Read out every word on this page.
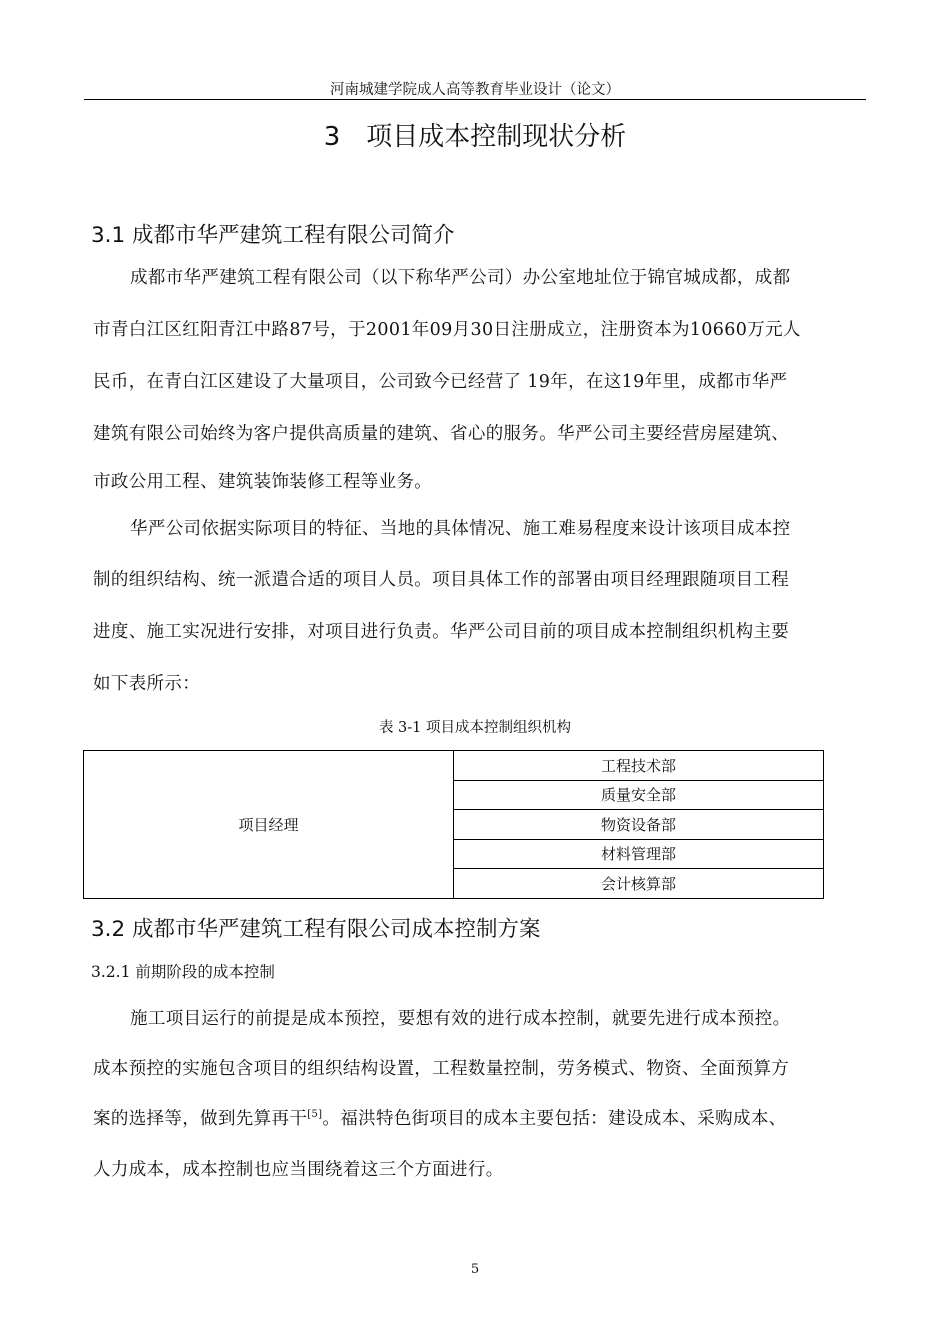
河南城建学院成人高等教育毕业设计（论文）
3　项目成本控制现状分析
3.1 成都市华严建筑工程有限公司简介
成都市华严建筑工程有限公司（以下称华严公司）办公室地址位于锦官城成都，成都
市青白江区红阳青江中路87号，于2001年09月30日注册成立，注册资本为10660万元人
民币，在青白江区建设了大量项目，公司致今已经营了 19年，在这19年里，成都市华严
建筑有限公司始终为客户提供高质量的建筑、省心的服务。华严公司主要经营房屋建筑、
市政公用工程、建筑装饰装修工程等业务。
华严公司依据实际项目的特征、当地的具体情况、施工难易程度来设计该项目成本控
制的组织结构、统一派遣合适的项目人员。项目具体工作的部署由项目经理跟随项目工程
进度、施工实况进行安排，对项目进行负责。华严公司目前的项目成本控制组织机构主要
如下表所示：
表 3-1 项目成本控制组织机构
项目经理	工程技术部
质量安全部
物资设备部
材料管理部
会计核算部
3.2 成都市华严建筑工程有限公司成本控制方案
3.2.1 前期阶段的成本控制
施工项目运行的前提是成本预控，要想有效的进行成本控制，就要先进行成本预控。
成本预控的实施包含项目的组织结构设置，工程数量控制，劳务模式、物资、全面预算方
案的选择等，做到先算再干[5]。福洪特色街项目的成本主要包括：建设成本、采购成本、
人力成本，成本控制也应当围绕着这三个方面进行。
5
